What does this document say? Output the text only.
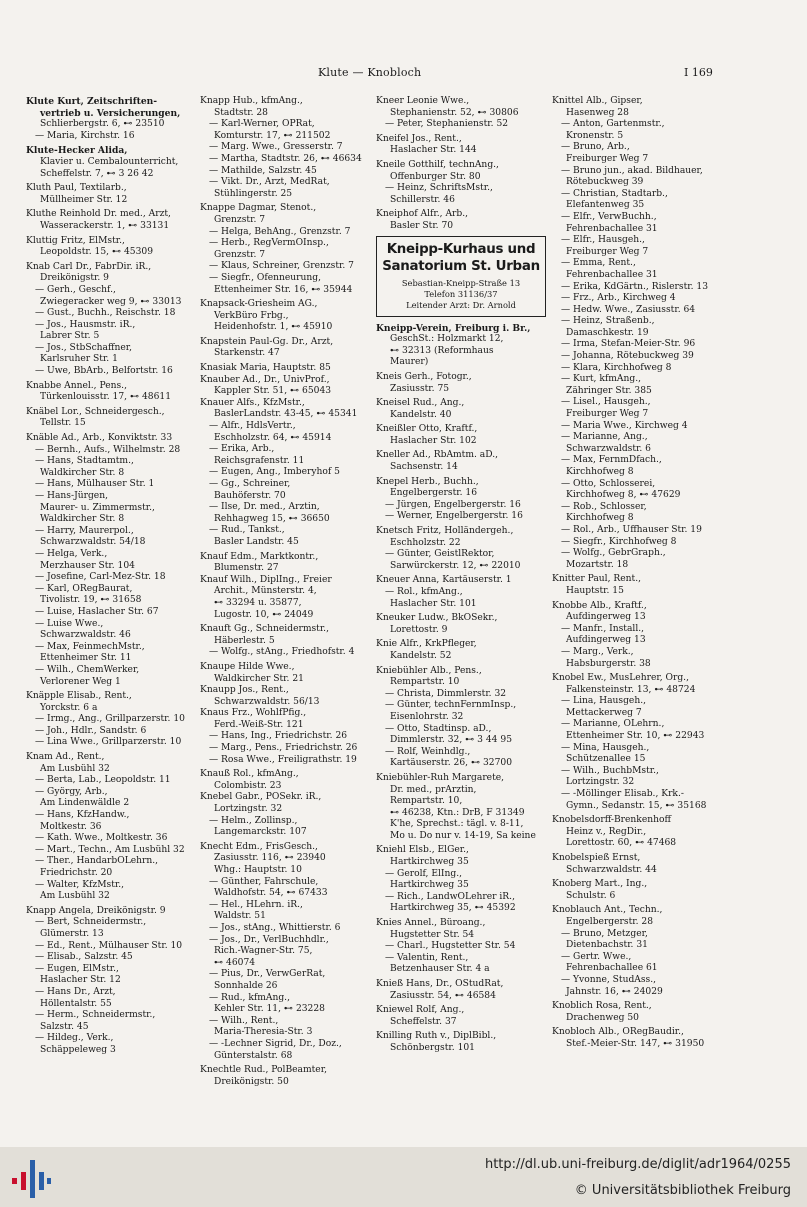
Klute — Knobloch	I 169
Klute Kurt, Zeitschriften-
vertrieb u. Versicherungen,
Schlierbergstr. 6, ⊷ 23510
— Maria, Kirchstr. 16
Klute-Hecker Alida,
Klavier u. Cembalounterricht,
Scheffelstr. 7, ⊷ 3 26 42
Kluth Paul, Textilarb.,
Müllheimer Str. 12
Kluthe Reinhold Dr. med., Arzt,
Wasserackerstr. 1, ⊷ 33131
Kluttig Fritz, ElMstr.,
Leopoldstr. 15, ⊷ 45309
Knab Carl Dr., FabrDir. iR.,
Dreikönigstr. 9
— Gerh., Geschf.,
Zwiegeracker weg 9, ⊷ 33013
— Gust., Buchh., Reischstr. 18
— Jos., Hausmstr. iR.,
Labrer Str. 5
— Jos., StbSchaffner,
Karlsruher Str. 1
— Uwe, BbArb., Belfortstr. 16
Knabbe Annel., Pens.,
Türkenlouisstr. 17, ⊷ 48611
Knäbel Lor., Schneidergesch.,
Tellstr. 15
Knäble Ad., Arb., Konviktstr. 33
— Bernh., Aufs., Wilhelmstr. 28
— Hans, Stadtamtm.,
Waldkircher Str. 8
— Hans, Mülhauser Str. 1
— Hans-Jürgen,
Maurer- u. Zimmermstr.,
Waldkircher Str. 8
— Harry, Maurerpol.,
Schwarzwaldstr. 54/18
— Helga, Verk.,
Merzhauser Str. 104
— Josefine, Carl-Mez-Str. 18
— Karl, ORegBaurat,
Tivolistr. 19, ⊷ 31658
— Luise, Haslacher Str. 67
— Luise Wwe.,
Schwarzwaldstr. 46
— Max, FeinmechMstr.,
Ettenheimer Str. 11
— Wilh., ChemWerker,
Verlorener Weg 1
Knäpple Elisab., Rent.,
Yorckstr. 6 a
— Irmg., Ang., Grillparzerstr. 10
— Joh., Hdlr., Sandstr. 6
— Lina Wwe., Grillparzerstr. 10
Knam Ad., Rent.,
Am Lusbühl 32
— Berta, Lab., Leopoldstr. 11
— György, Arb.,
Am Lindenwäldle 2
— Hans, KfzHandw.,
Moltkestr. 36
— Kath. Wwe., Moltkestr. 36
— Mart., Techn., Am Lusbühl 32
— Ther., HandarbOLehrn.,
Friedrichstr. 20
— Walter, KfzMstr.,
Am Lusbühl 32
Knapp Angela, Dreikönigstr. 9
— Bert, Schneidermstr.,
Glümerstr. 13
— Ed., Rent., Mülhauser Str. 10
— Elisab., Salzstr. 45
— Eugen, ElMstr.,
Haslacher Str. 12
— Hans Dr., Arzt,
Höllentalstr. 55
— Herm., Schneidermstr.,
Salzstr. 45
— Hildeg., Verk.,
Schäppeleweg 3
Knapp Hub., kfmAng.,
Stadtstr. 28
— Karl-Werner, OPRat,
Komturstr. 17, ⊷ 211502
— Marg. Wwe., Gresserstr. 7
— Martha, Stadtstr. 26, ⊷ 46634
— Mathilde, Salzstr. 45
— Vikt. Dr., Arzt, MedRat,
Stühlingerstr. 25
Knappe Dagmar, Stenot.,
Grenzstr. 7
— Helga, BehAng., Grenzstr. 7
— Herb., RegVermOInsp.,
Grenzstr. 7
— Klaus, Schreiner, Grenzstr. 7
— Siegfr., Ofenneurung,
Ettenheimer Str. 16, ⊷ 35944
Knapsack-Griesheim AG.,
VerkBüro Frbg.,
Heidenhofstr. 1, ⊷ 45910
Knapstein Paul-Gg. Dr., Arzt,
Starkenstr. 47
Knasiak Maria, Hauptstr. 85
Knauber Ad., Dr., UnivProf.,
Kappler Str. 51, ⊷ 65043
Knauer Alfs., KfzMstr.,
BaslerLandstr. 43-45, ⊷ 45341
— Alfr., HdlsVertr.,
Eschholzstr. 64, ⊷ 45914
— Erika, Arb.,
Reichsgrafenstr. 11
— Eugen, Ang., Imberyhof 5
— Gg., Schreiner,
Bauhöferstr. 70
— Ilse, Dr. med., Ärztin,
Rehhagweg 15, ⊷ 36650
— Rud., Tankst.,
Basler Landstr. 45
Knauf Edm., Marktkontr.,
Blumenstr. 27
Knauf Wilh., DiplIng., Freier
Archit., Münsterstr. 4,
⊷ 33294 u. 35877,
Lugostr. 10, ⊷ 24049
Knauft Gg., Schneidermstr.,
Häberlestr. 5
— Wolfg., stAng., Friedhofstr. 4
Knaupe Hilde Wwe.,
Waldkircher Str. 21
Knaupp Jos., Rent.,
Schwarzwaldstr. 56/13
Knaus Frz., WohlfPfig.,
Ferd.-Weiß-Str. 121
— Hans, Ing., Friedrichstr. 26
— Marg., Pens., Friedrichstr. 26
— Rosa Wwe., Freiligrathstr. 19
Knauß Rol., kfmAng.,
Colombistr. 23
Knebel Gabr., POSekr. iR.,
Lortzingstr. 32
— Helm., Zollinsp.,
Langemarckstr. 107
Knecht Edm., FrisGesch.,
Zasiusstr. 116, ⊷ 23940
Whg.: Hauptstr. 10
— Günther, Fahrschule,
Waldhofstr. 54, ⊷ 67433
— Hel., HLehrn. iR.,
Waldstr. 51
— Jos., stAng., Whittierstr. 6
— Jos., Dr., VerlBuchhdlr.,
Rich.-Wagner-Str. 75,
⊷ 46074
— Pius, Dr., VerwGerRat,
Sonnhalde 26
— Rud., kfmAng.,
Kehler Str. 11, ⊷ 23228
— Wilh., Rent.,
Maria-Theresia-Str. 3
— -Lechner Sigrid, Dr., Doz.,
Günterstalstr. 68
Knechtle Rud., PolBeamter,
Dreikönigstr. 50
Kneer Leonie Wwe.,
Stephanienstr. 52, ⊷ 30806
— Peter, Stephanienstr. 52
Kneifel Jos., Rent.,
Haslacher Str. 144
Kneile Gotthilf, technAng.,
Offenburger Str. 80
— Heinz, SchriftsMstr.,
Schillerstr. 46
Kneiphof Alfr., Arb.,
Basler Str. 70
Kneipp-Kurhaus und
Sanatorium St. Urban
Sebastian-Kneipp-Straße 13
Telefon 31136/37
Leitender Arzt: Dr. Arnold
Kneipp-Verein, Freiburg i. Br.,
GeschSt.: Holzmarkt 12,
⊷ 32313 (Reformhaus
Maurer)
Kneis Gerh., Fotogr.,
Zasiusstr. 75
Kneisel Rud., Ang.,
Kandelstr. 40
Kneißler Otto, Kraftf.,
Haslacher Str. 102
Kneller Ad., RbAmtm. aD.,
Sachsenstr. 14
Knepel Herb., Buchh.,
Engelbergerstr. 16
— Jürgen, Engelbergerstr. 16
— Werner, Engelbergerstr. 16
Knetsch Fritz, Holländergeh.,
Eschholzstr. 22
— Günter, GeistlRektor,
Sarwürckerstr. 12, ⊷ 22010
Kneuer Anna, Kartäuserstr. 1
— Rol., kfmAng.,
Haslacher Str. 101
Kneuker Ludw., BkOSekr.,
Lorettostr. 9
Knie Alfr., KrkPfleger,
Kandelstr. 52
Kniebühler Alb., Pens.,
Rempartstr. 10
— Christa, Dimmlerstr. 32
— Günter, technFernmInsp.,
Eisenlohrstr. 32
— Otto, Stadtinsp. aD.,
Dimmlerstr. 32, ⊷ 3 44 95
— Rolf, Weinhdlg.,
Kartäuserstr. 26, ⊷ 32700
Kniebühler-Ruh Margarete,
Dr. med., prÄrztin,
Rempartstr. 10,
⊷ 46238, Ktn.: DrB, F 31349
K'he, Sprechst.: tägl. v. 8-11,
Mo u. Do nur v. 14-19, Sa keine
Kniehl Elsb., ElGer.,
Hartkirchweg 35
— Gerolf, ElIng.,
Hartkirchweg 35
— Rich., LandwOLehrer iR.,
Hartkirchweg 35, ⊷ 45392
Knies Annel., Büroang.,
Hugstetter Str. 54
— Charl., Hugstetter Str. 54
— Valentin, Rent.,
Betzenhauser Str. 4 a
Knieß Hans, Dr., OStudRat,
Zasiusstr. 54, ⊷ 46584
Kniewel Rolf, Ang.,
Scheffelstr. 37
Knilling Ruth v., DiplBibl.,
Schönbergstr. 101
Knittel Alb., Gipser,
Hasenweg 28
— Anton, Gartenmstr.,
Kronenstr. 5
— Bruno, Arb.,
Freiburger Weg 7
— Bruno jun., akad. Bildhauer,
Rötebuckweg 39
— Christian, Stadtarb.,
Elefantenweg 35
— Elfr., VerwBuchh.,
Fehrenbachallee 31
— Elfr., Hausgeh.,
Freiburger Weg 7
— Emma, Rent.,
Fehrenbachallee 31
— Erika, KdGärtn., Rislerstr. 13
— Frz., Arb., Kirchweg 4
— Hedw. Wwe., Zasiusstr. 64
— Heinz, Straßenb.,
Damaschkestr. 19
— Irma, Stefan-Meier-Str. 96
— Johanna, Rötebuckweg 39
— Klara, Kirchhofweg 8
— Kurt, kfmAng.,
Zähringer Str. 385
— Lisel., Hausgeh.,
Freiburger Weg 7
— Maria Wwe., Kirchweg 4
— Marianne, Ang.,
Schwarzwaldstr. 6
— Max, FernmDfach.,
Kirchhofweg 8
— Otto, Schlosserei,
Kirchhofweg 8, ⊷ 47629
— Rob., Schlosser,
Kirchhofweg 8
— Rol., Arb., Uffhauser Str. 19
— Siegfr., Kirchhofweg 8
— Wolfg., GebrGraph.,
Mozartstr. 18
Knitter Paul, Rent.,
Hauptstr. 15
Knobbe Alb., Kraftf.,
Aufdingerweg 13
— Manfr., Install.,
Aufdingerweg 13
— Marg., Verk.,
Habsburgerstr. 38
Knobel Ew., MusLehrer, Org.,
Falkensteinstr. 13, ⊷ 48724
— Lina, Hausgeh.,
Mettackerweg 7
— Marianne, OLehrn.,
Ettenheimer Str. 10, ⊷ 22943
— Mina, Hausgeh.,
Schützenallee 15
— Wilh., BuchbMstr.,
Lortzingstr. 32
— -Möllinger Elisab., Krk.-
Gymn., Sedanstr. 15, ⊷ 35168
Knobelsdorff-Brenkenhoff
Heinz v., RegDir.,
Lorettostr. 60, ⊷ 47468
Knobelspieß Ernst,
Schwarzwaldstr. 44
Knoberg Mart., Ing.,
Schulstr. 6
Knoblauch Ant., Techn.,
Engelbergerstr. 28
— Bruno, Metzger,
Dietenbachstr. 31
— Gertr. Wwe.,
Fehrenbachallee 61
— Yvonne, StudAss.,
Jahnstr. 16, ⊷ 24029
Knoblich Rosa, Rent.,
Drachenweg 50
Knobloch Alb., ORegBaudir.,
Stef.-Meier-Str. 147, ⊷ 31950
http://dl.ub.uni-freiburg.de/diglit/adr1964/0255
© Universitätsbibliothek Freiburg
